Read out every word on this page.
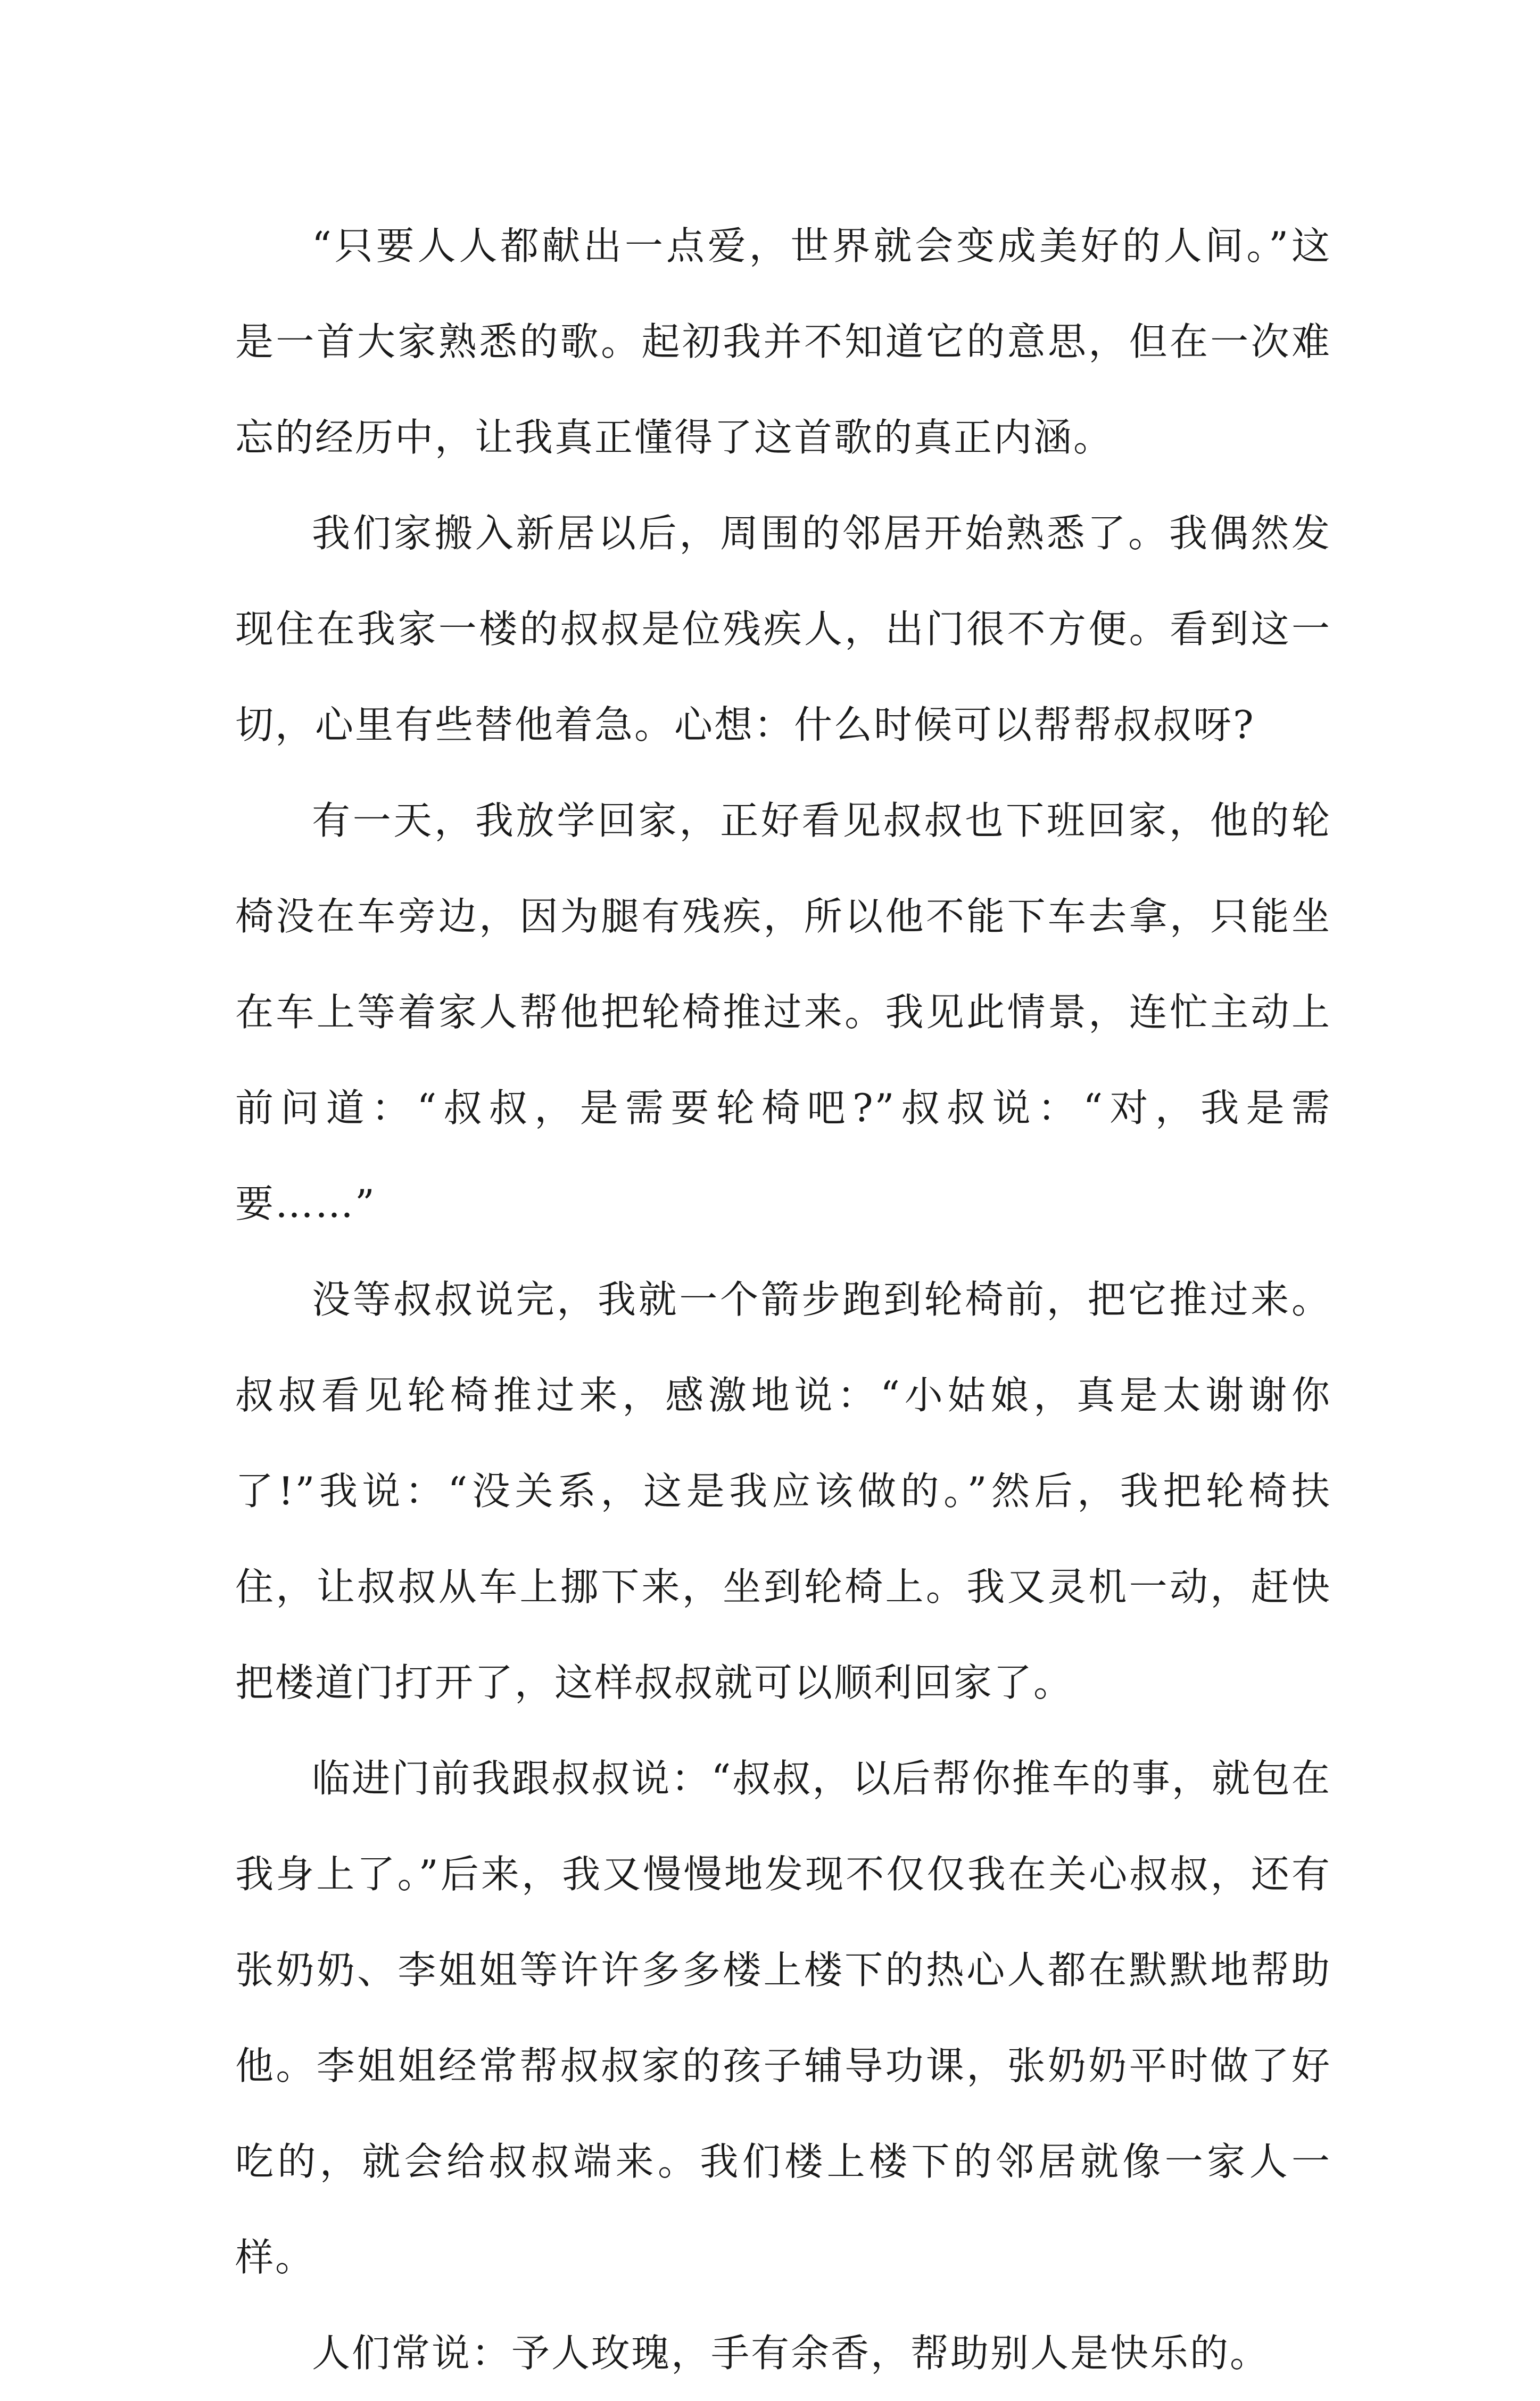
“只要人人都献出一点爱，世界就会变成美好的人间。”这是一首大家熟悉的歌。起初我并不知道它的意思，但在一次难忘的经历中，让我真正懂得了这首歌的真正内涵。

我们家搬入新居以后，周围的邻居开始熟悉了。我偶然发现住在我家一楼的叔叔是位残疾人，出门很不方便。看到这一切，心里有些替他着急。心想：什么时候可以帮帮叔叔呀?

有一天，我放学回家，正好看见叔叔也下班回家，他的轮椅没在车旁边，因为腿有残疾，所以他不能下车去拿，只能坐在车上等着家人帮他把轮椅推过来。我见此情景，连忙主动上前问道：“叔叔，是需要轮椅吧?”叔叔说：“对，我是需要……”

没等叔叔说完，我就一个箭步跑到轮椅前，把它推过来。叔叔看见轮椅推过来，感激地说：“小姑娘，真是太谢谢你了!”我说：“没关系，这是我应该做的。”然后，我把轮椅扶住，让叔叔从车上挪下来，坐到轮椅上。我又灵机一动，赶快把楼道门打开了，这样叔叔就可以顺利回家了。

临进门前我跟叔叔说：“叔叔，以后帮你推车的事，就包在我身上了。”后来，我又慢慢地发现不仅仅我在关心叔叔，还有张奶奶、李姐姐等许许多多楼上楼下的热心人都在默默地帮助他。李姐姐经常帮叔叔家的孩子辅导功课，张奶奶平时做了好吃的，就会给叔叔端来。我们楼上楼下的邻居就像一家人一样。

人们常说：予人玫瑰，手有余香，帮助别人是快乐的。
